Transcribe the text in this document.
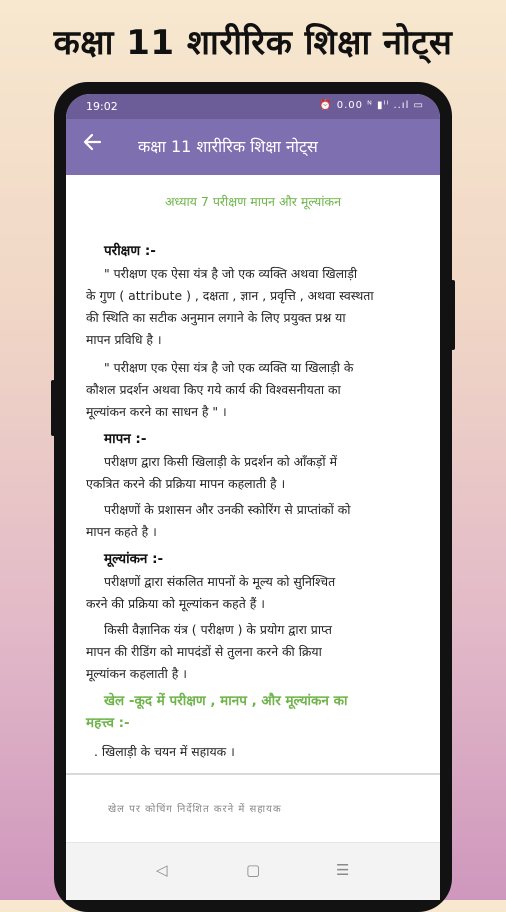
कक्षा 11 शारीरिक शिक्षा नोट्स
19:02	⏰ 0.00 ᴺ ▮ᴵᴵ ..ıl ▭
कक्षा 11 शारीरिक शिक्षा नोट्स
अध्याय 7 परीक्षण मापन और मूल्यांकन
परीक्षण :-
" परीक्षण एक ऐसा यंत्र है जो एक व्यक्ति अथवा खिलाड़ी
के गुण ( attribute ) , दक्षता , ज्ञान , प्रवृत्ति , अथवा स्वस्थता
की स्थिति का सटीक अनुमान लगाने के लिए प्रयुक्त प्रश्न या
मापन प्रविधि है ।
" परीक्षण एक ऐसा यंत्र है जो एक व्यक्ति या खिलाड़ी के
कौशल प्रदर्शन अथवा किए गये कार्य की विश्वसनीयता का
मूल्यांकन करने का साधन है " ।
मापन :-
परीक्षण द्वारा किसी खिलाड़ी के प्रदर्शन को आँकड़ों में
एकत्रित करने की प्रक्रिया मापन कहलाती है ।
परीक्षणों के प्रशासन और उनकी स्कोरिंग से प्राप्तांकों को
मापन कहते है ।
मूल्यांकन :-
परीक्षणों द्वारा संकलित मापनों के मूल्य को सुनिश्चित
करने की प्रक्रिया को मूल्यांकन कहते हैं ।
किसी वैज्ञानिक यंत्र ( परीक्षण ) के प्रयोग द्वारा प्राप्त
मापन की रीडिंग को मापदंडों से तुलना करने की क्रिया
मूल्यांकन कहलाती है ।
खेल -कूद में परीक्षण , मानप , और मूल्यांकन का
महत्त्व :-
. खिलाड़ी के चयन में सहायक ।
खेल पर कोचिंग निर्देशित करने में सहायक
◁	▢	☰
